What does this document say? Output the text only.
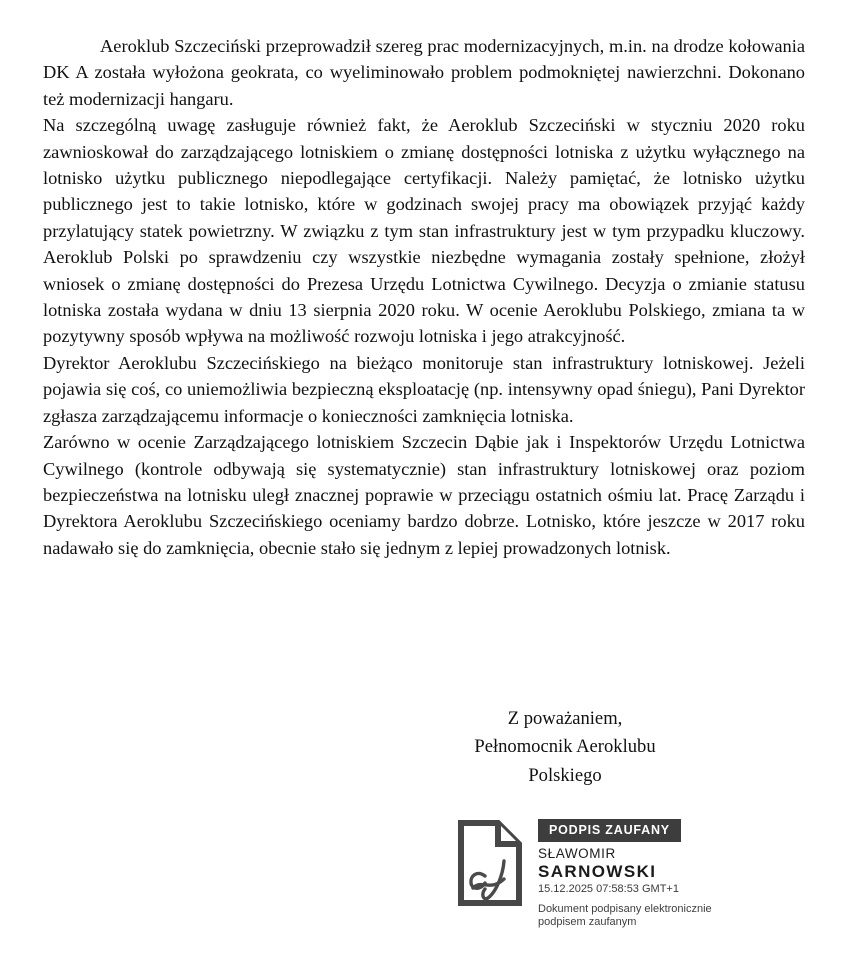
Aeroklub Szczeciński przeprowadził szereg prac modernizacyjnych, m.in. na drodze kołowania DK A została wyłożona geokrata, co wyeliminowało problem podmokniętej nawierzchni. Dokonano też modernizacji hangaru.

Na szczególną uwagę zasługuje również fakt, że Aeroklub Szczeciński w styczniu 2020 roku zawnioskował do zarządzającego lotniskiem o zmianę dostępności lotniska z użytku wyłącznego na lotnisko użytku publicznego niepodlegające certyfikacji. Należy pamiętać, że lotnisko użytku publicznego jest to takie lotnisko, które w godzinach swojej pracy ma obowiązek przyjąć każdy przylatujący statek powietrzny. W związku z tym stan infrastruktury jest w tym przypadku kluczowy. Aeroklub Polski po sprawdzeniu czy wszystkie niezbędne wymagania zostały spełnione, złożył wniosek o zmianę dostępności do Prezesa Urzędu Lotnictwa Cywilnego. Decyzja o zmianie statusu lotniska została wydana w dniu 13 sierpnia 2020 roku. W ocenie Aeroklubu Polskiego, zmiana ta w pozytywny sposób wpływa na możliwość rozwoju lotniska i jego atrakcyjność.

Dyrektor Aeroklubu Szczecińskiego na bieżąco monitoruje stan infrastruktury lotniskowej. Jeżeli pojawia się coś, co uniemożliwia bezpieczną eksploatację (np. intensywny opad śniegu), Pani Dyrektor zgłasza zarządzającemu informacje o konieczności zamknięcia lotniska.

Zarówno w ocenie Zarządzającego lotniskiem Szczecin Dąbie jak i Inspektorów Urzędu Lotnictwa Cywilnego (kontrole odbywają się systematycznie) stan infrastruktury lotniskowej oraz poziom bezpieczeństwa na lotnisku uległ znacznej poprawie w przeciągu ostatnich ośmiu lat. Pracę Zarządu i Dyrektora Aeroklubu Szczecińskiego oceniamy bardzo dobrze. Lotnisko, które jeszcze w 2017 roku nadawało się do zamknięcia, obecnie stało się jednym z lepiej prowadzonych lotnisk.

Z poważaniem,
Pełnomocnik Aeroklubu
Polskiego
PODPIS ZAUFANY
SŁAWOMIR
SARNOWSKI
15.12.2025 07:58:53 GMT+1
Dokument podpisany elektronicznie
podpisem zaufanym
